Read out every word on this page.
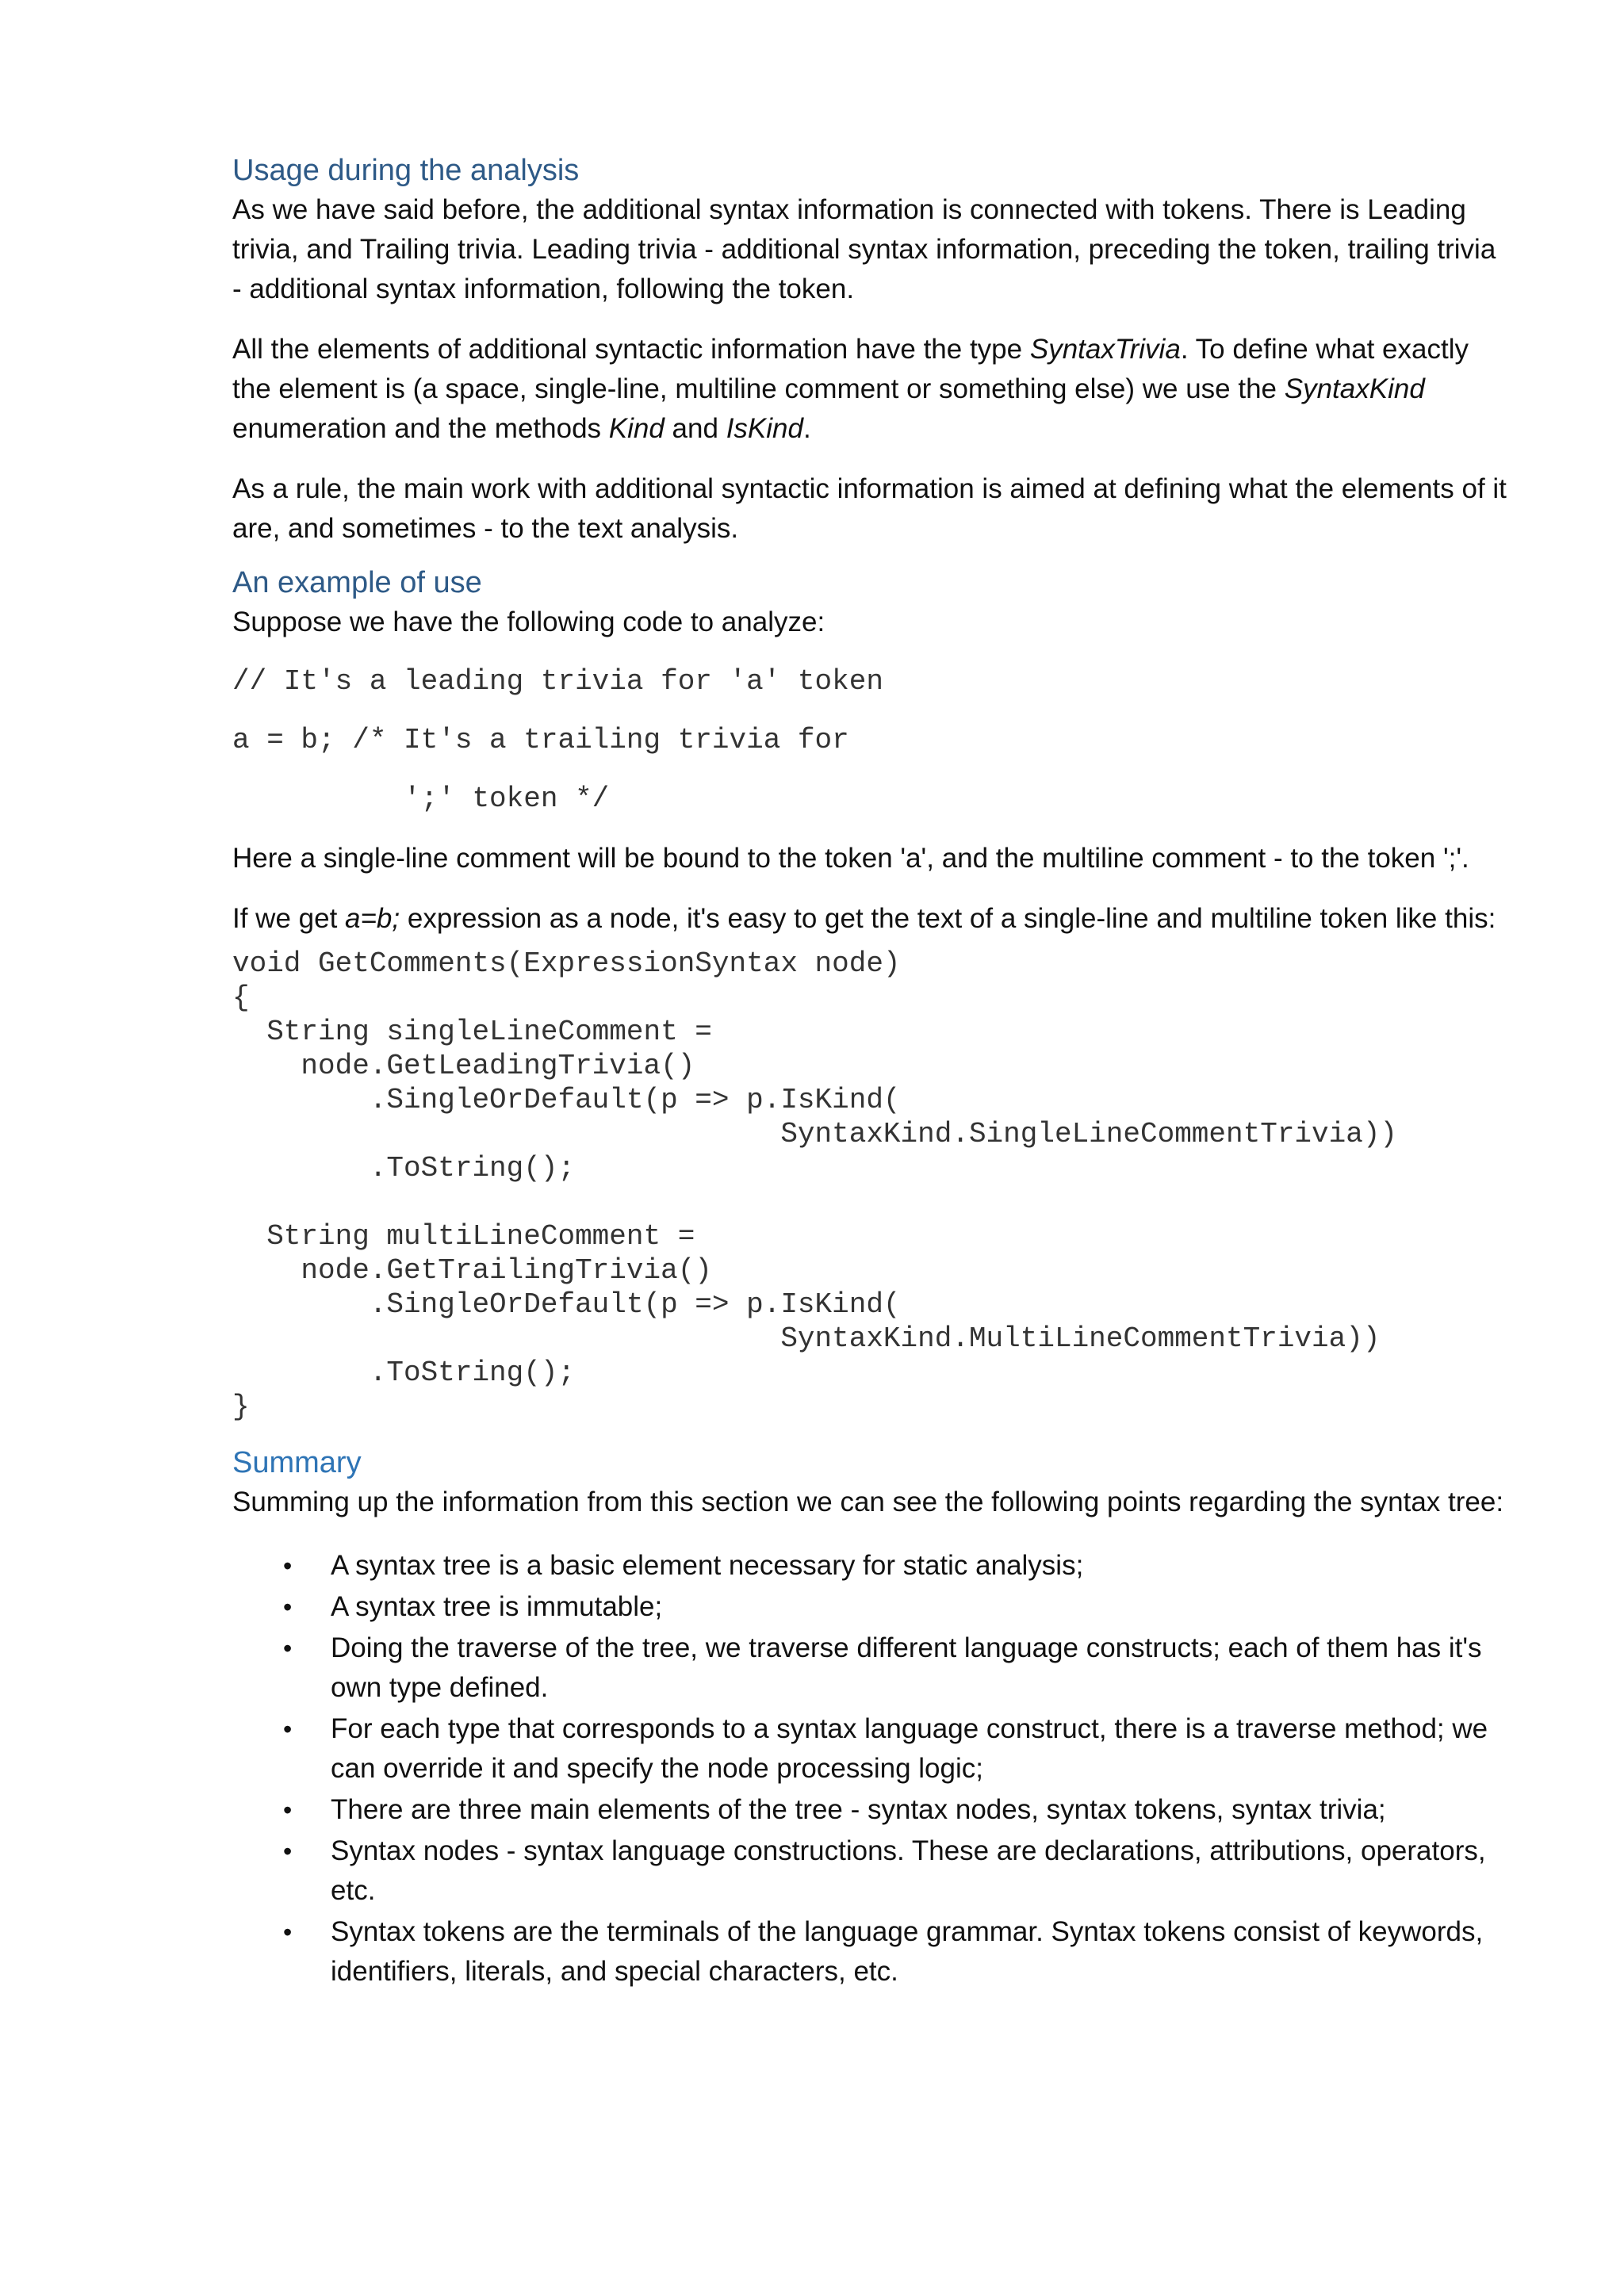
Usage during the analysis

As we have said before, the additional syntax information is connected with tokens. There is Leading trivia, and Trailing trivia. Leading trivia - additional syntax information, preceding the token, trailing trivia - additional syntax information, following the token.

All the elements of additional syntactic information have the type SyntaxTrivia. To define what exactly the element is (a space, single-line, multiline comment or something else) we use the SyntaxKind enumeration and the methods Kind and IsKind.

As a rule, the main work with additional syntactic information is aimed at defining what the elements of it are, and sometimes - to the text analysis.

An example of use

Suppose we have the following code to analyze:

// It's a leading trivia for 'a' token
a = b; /* It's a trailing trivia for
';' token */

Here a single-line comment will be bound to the token 'a', and the multiline comment - to the token ';'.

If we get a=b; expression as a node, it's easy to get the text of a single-line and multiline token like this:

void GetComments(ExpressionSyntax node)
{
String singleLineComment =
node.GetLeadingTrivia()
.SingleOrDefault(p => p.IsKind(
SyntaxKind.SingleLineCommentTrivia))
.ToString();

String multiLineComment =
node.GetTrailingTrivia()
.SingleOrDefault(p => p.IsKind(
SyntaxKind.MultiLineCommentTrivia))
.ToString();
}
Summary

Summing up the information from this section we can see the following points regarding the syntax tree:

• A syntax tree is a basic element necessary for static analysis;
• A syntax tree is immutable;
• Doing the traverse of the tree, we traverse different language constructs; each of them has it's own type defined.
• For each type that corresponds to a syntax language construct, there is a traverse method; we can override it and specify the node processing logic;
• There are three main elements of the tree - syntax nodes, syntax tokens, syntax trivia;
• Syntax nodes - syntax language constructions. These are declarations, attributions, operators, etc.
• Syntax tokens are the terminals of the language grammar. Syntax tokens consist of keywords, identifiers, literals, and special characters, etc.
